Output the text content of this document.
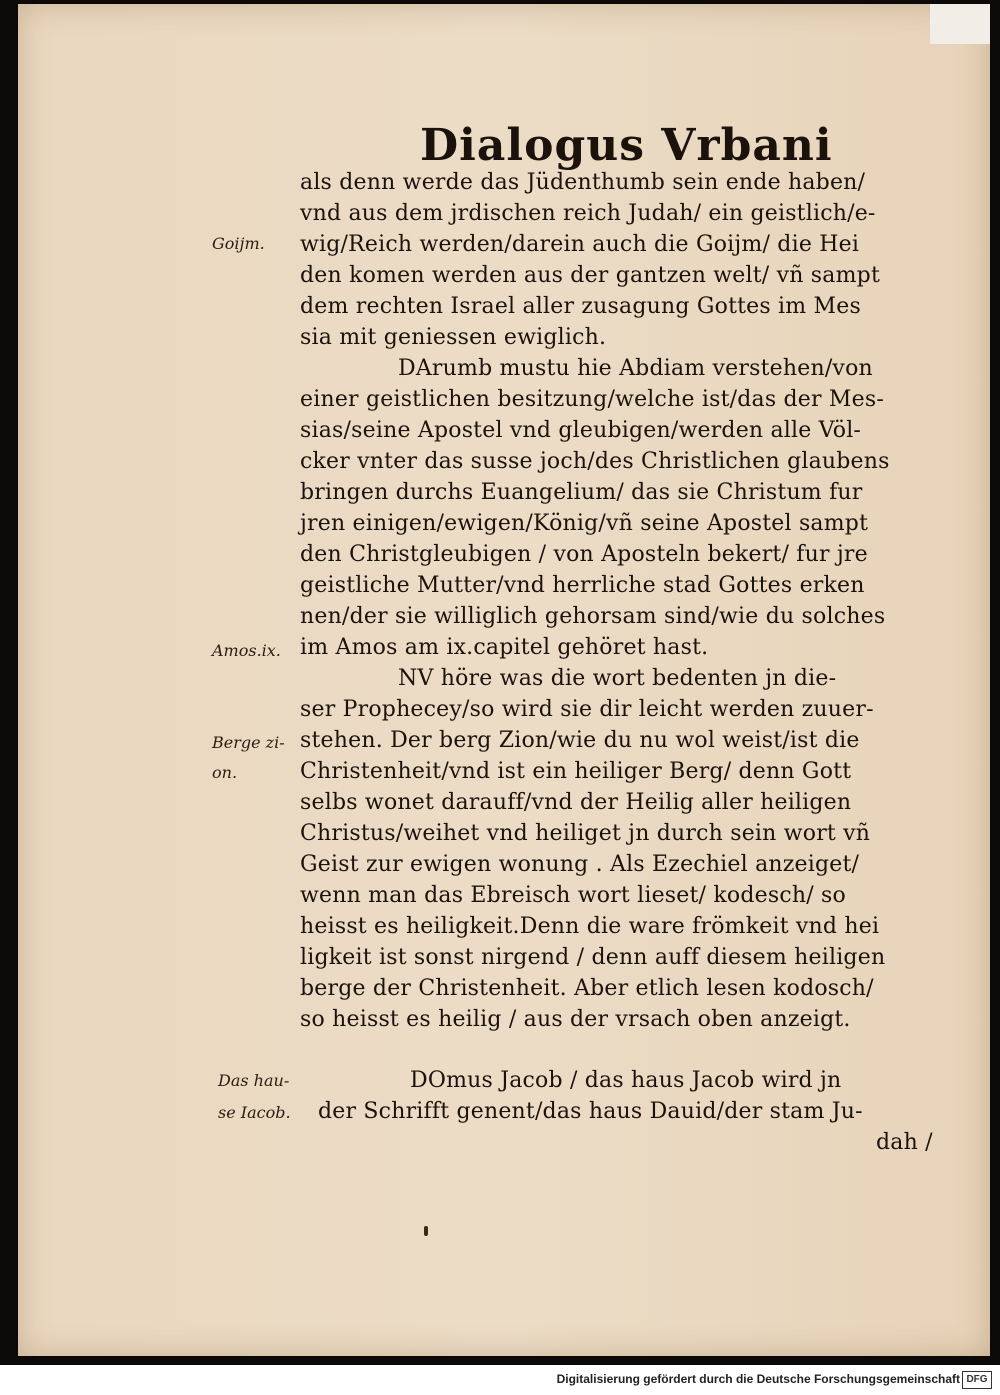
Dialogus Vrbani
Goijm.
Amos.ix.
Berge zi-
on.
Das hau-
se Iacob.
als denn werde das Jüdenthumb sein ende haben/
vnd aus dem jrdischen reich Judah/ ein geistlich/e-
wig/Reich werden/darein auch die Goijm/ die Hei
den komen werden aus der gantzen welt/ vñ sampt
dem rechten Israel aller zusagung Gottes im Mes
sia mit geniessen ewiglich.
DArumb mustu hie Abdiam verstehen/von
einer geistlichen besitzung/welche ist/das der Mes-
sias/seine Apostel vnd gleubigen/werden alle Völ-
cker vnter das susse joch/des Christlichen glaubens
bringen durchs Euangelium/ das sie Christum fur
jren einigen/ewigen/König/vñ seine Apostel sampt
den Christgleubigen / von Aposteln bekert/ fur jre
geistliche Mutter/vnd herrliche stad Gottes erken
nen/der sie williglich gehorsam sind/wie du solches
im Amos am ix.capitel gehöret hast.
NV höre was die wort bedenten jn die-
ser Prophecey/so wird sie dir leicht werden zuuer-
stehen. Der berg Zion/wie du nu wol weist/ist die
Christenheit/vnd ist ein heiliger Berg/ denn Gott
selbs wonet darauff/vnd der Heilig aller heiligen
Christus/weihet vnd heiliget jn durch sein wort vñ
Geist zur ewigen wonung . Als Ezechiel anzeiget/
wenn man das Ebreisch wort lieset/ kodesch/ so
heisst es heiligkeit.Denn die ware frömkeit vnd hei
ligkeit ist sonst nirgend / denn auff diesem heiligen
berge der Christenheit. Aber etlich lesen kodosch/
so heisst es heilig / aus der vrsach oben anzeigt.
DOmus Jacob / das haus Jacob wird jn
der Schrifft genent/das haus Dauid/der stam Ju-
dah /
Digitalisierung gefördert durch die Deutsche Forschungsgemeinschaft DFG
